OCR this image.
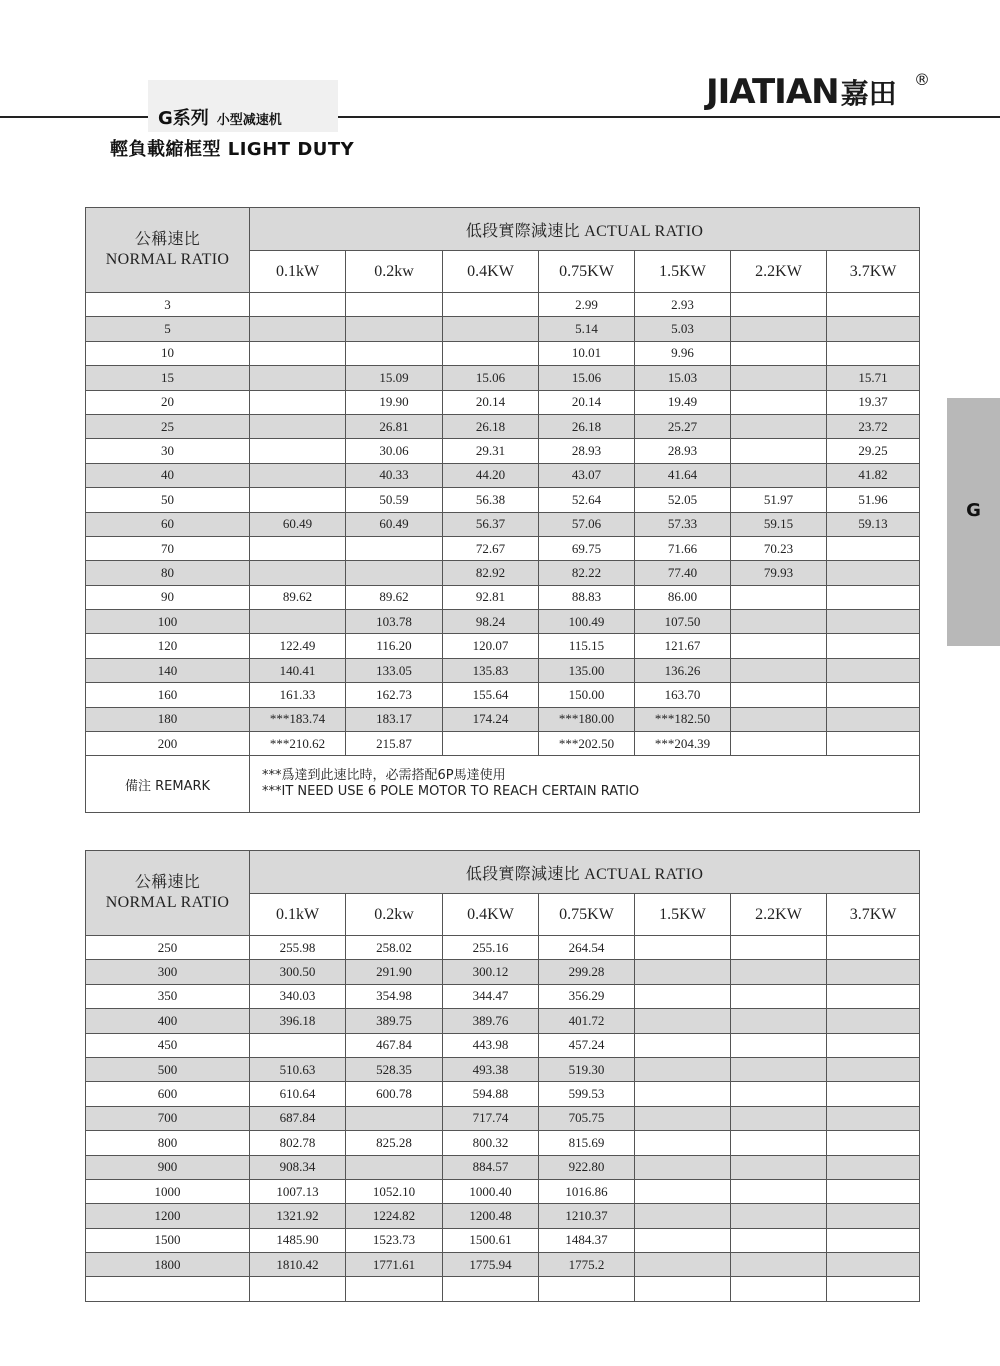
G系列 小型减速机
輕負載縮框型 LIGHT DUTY
JIATIAN嘉田 ®
G
公稱速比
NORMAL RATIO	低段實際減速比 ACTUAL RATIO						
	0.1kW	0.2kw	0.4KW	0.75KW	1.5KW	2.2KW	3.7KW
3				2.99	2.93		
5				5.14	5.03		
10				10.01	9.96		
15		15.09	15.06	15.06	15.03		15.71
20		19.90	20.14	20.14	19.49		19.37
25		26.81	26.18	26.18	25.27		23.72
30		30.06	29.31	28.93	28.93		29.25
40		40.33	44.20	43.07	41.64		41.82
50		50.59	56.38	52.64	52.05	51.97	51.96
60	60.49	60.49	56.37	57.06	57.33	59.15	59.13
70			72.67	69.75	71.66	70.23	
80			82.92	82.22	77.40	79.93	
90	89.62	89.62	92.81	88.83	86.00		
100		103.78	98.24	100.49	107.50		
120	122.49	116.20	120.07	115.15	121.67		
140	140.41	133.05	135.83	135.00	136.26		
160	161.33	162.73	155.64	150.00	163.70		
180	***183.74	183.17	174.24	***180.00	***182.50		
200	***210.62	215.87		***202.50	***204.39		
備注 REMARK	***爲達到此速比時，必需搭配6P馬達使用
***IT NEED USE 6 POLE MOTOR TO REACH CERTAIN RATIO						
公稱速比
NORMAL RATIO	低段實際減速比 ACTUAL RATIO						
	0.1kW	0.2kw	0.4KW	0.75KW	1.5KW	2.2KW	3.7KW
250	255.98	258.02	255.16	264.54			
300	300.50	291.90	300.12	299.28			
350	340.03	354.98	344.47	356.29			
400	396.18	389.75	389.76	401.72			
450		467.84	443.98	457.24			
500	510.63	528.35	493.38	519.30			
600	610.64	600.78	594.88	599.53			
700	687.84		717.74	705.75			
800	802.78	825.28	800.32	815.69			
900	908.34		884.57	922.80			
1000	1007.13	1052.10	1000.40	1016.86			
1200	1321.92	1224.82	1200.48	1210.37			
1500	1485.90	1523.73	1500.61	1484.37			
1800	1810.42	1771.61	1775.94	1775.2			
